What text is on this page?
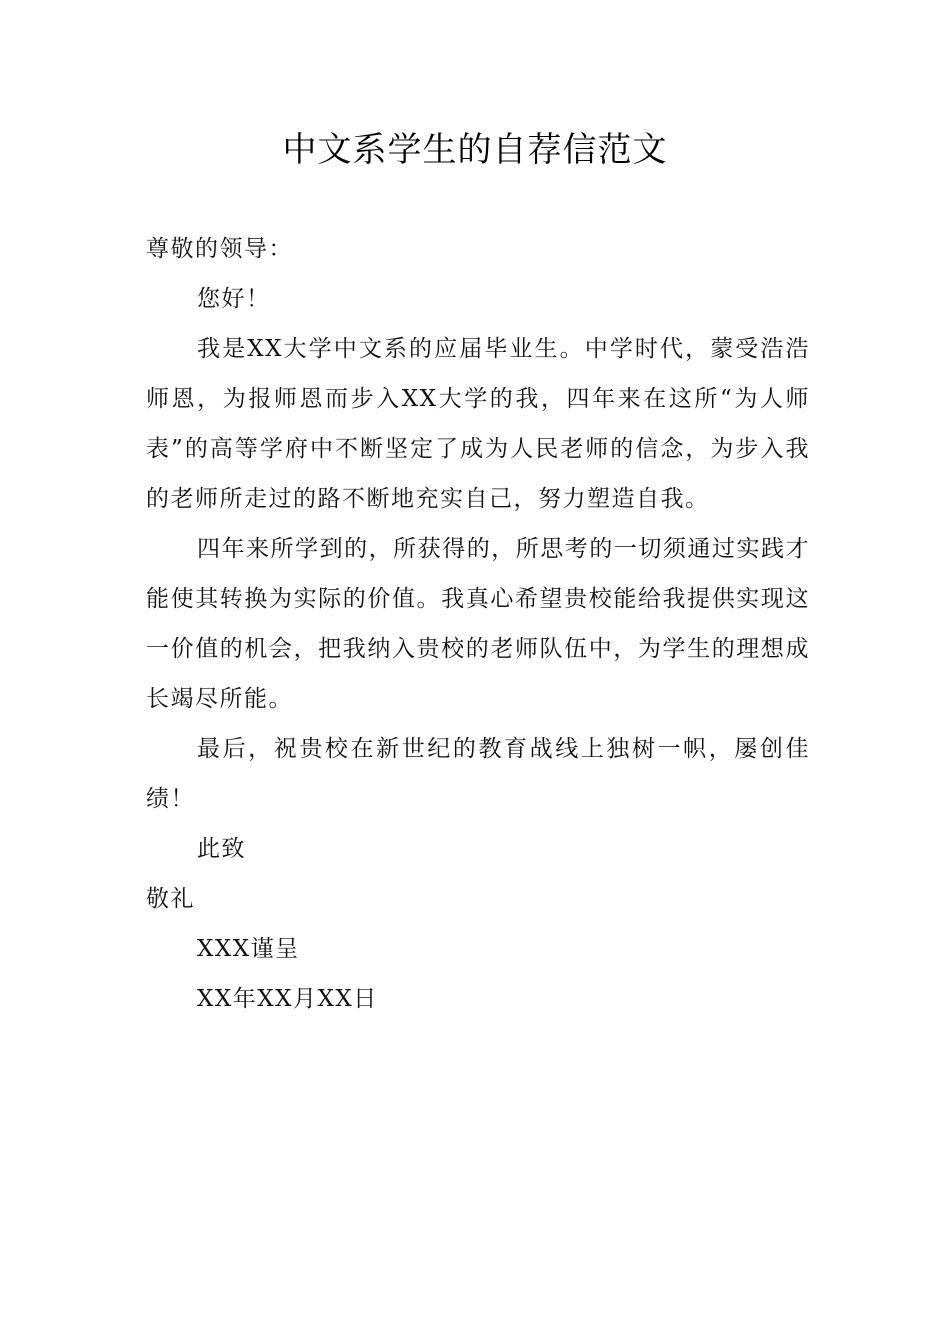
中文系学生的自荐信范文

尊敬的领导：

您好！

我是XX大学中文系的应届毕业生。中学时代，蒙受浩浩师恩，为报师恩而步入XX大学的我，四年来在这所“为人师表”的高等学府中不断坚定了成为人民老师的信念，为步入我的老师所走过的路不断地充实自己，努力塑造自我。

四年来所学到的，所获得的，所思考的一切须通过实践才能使其转换为实际的价值。我真心希望贵校能给我提供实现这一价值的机会，把我纳入贵校的老师队伍中，为学生的理想成长竭尽所能。

最后，祝贵校在新世纪的教育战线上独树一帜，屡创佳绩！

此致

敬礼

XXX谨呈

XX年XX月XX日
